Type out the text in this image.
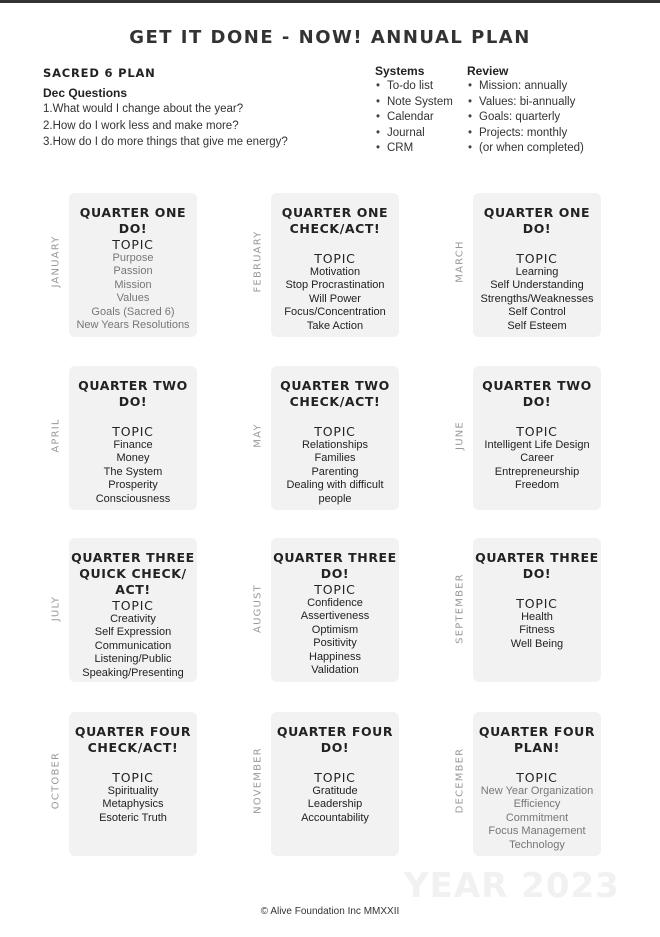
GET IT DONE - NOW! ANNUAL PLAN
SACRED 6 PLAN
Dec Questions
1.What would I change about the year?
2.How do I work less and make more?
3.How do I do more things that give me energy?
Systems
• To-do list
• Note System
• Calendar
• Journal
• CRM
Review
• Mission: annually
• Values: bi-annually
• Goals: quarterly
• Projects: monthly
• (or when completed)
JANUARY
QUARTER ONE
DO!
TOPIC
Purpose
Passion
Mission
Values
Goals (Sacred 6)
New Years Resolutions
FEBRUARY
QUARTER ONE
CHECK/ACT!
TOPIC
Motivation
Stop Procrastination
Will Power
Focus/Concentration
Take Action
MARCH
QUARTER ONE
DO!
TOPIC
Learning
Self Understanding
Strengths/Weaknesses
Self Control
Self Esteem
APRIL
QUARTER TWO
DO!
TOPIC
Finance
Money
The System
Prosperity
Consciousness
MAY
QUARTER TWO
CHECK/ACT!
TOPIC
Relationships
Families
Parenting
Dealing with difficult
people
JUNE
QUARTER TWO
DO!
TOPIC
Intelligent Life Design
Career
Entrepreneurship
Freedom
JULY
QUARTER THREE
QUICK CHECK/
ACT!
TOPIC
Creativity
Self Expression
Communication
Listening/Public
Speaking/Presenting
AUGUST
QUARTER THREE
DO!
TOPIC
Confidence
Assertiveness
Optimism
Positivity
Happiness
Validation
SEPTEMBER
QUARTER THREE
DO!
TOPIC
Health
Fitness
Well Being
OCTOBER
QUARTER FOUR
CHECK/ACT!
TOPIC
Spirituality
Metaphysics
Esoteric Truth
NOVEMBER
QUARTER FOUR
DO!
TOPIC
Gratitude
Leadership
Accountability
DECEMBER
QUARTER FOUR
PLAN!
TOPIC
New Year Organization
Efficiency
Commitment
Focus Management
Technology
YEAR 2023
© Alive Foundation Inc MMXXII
